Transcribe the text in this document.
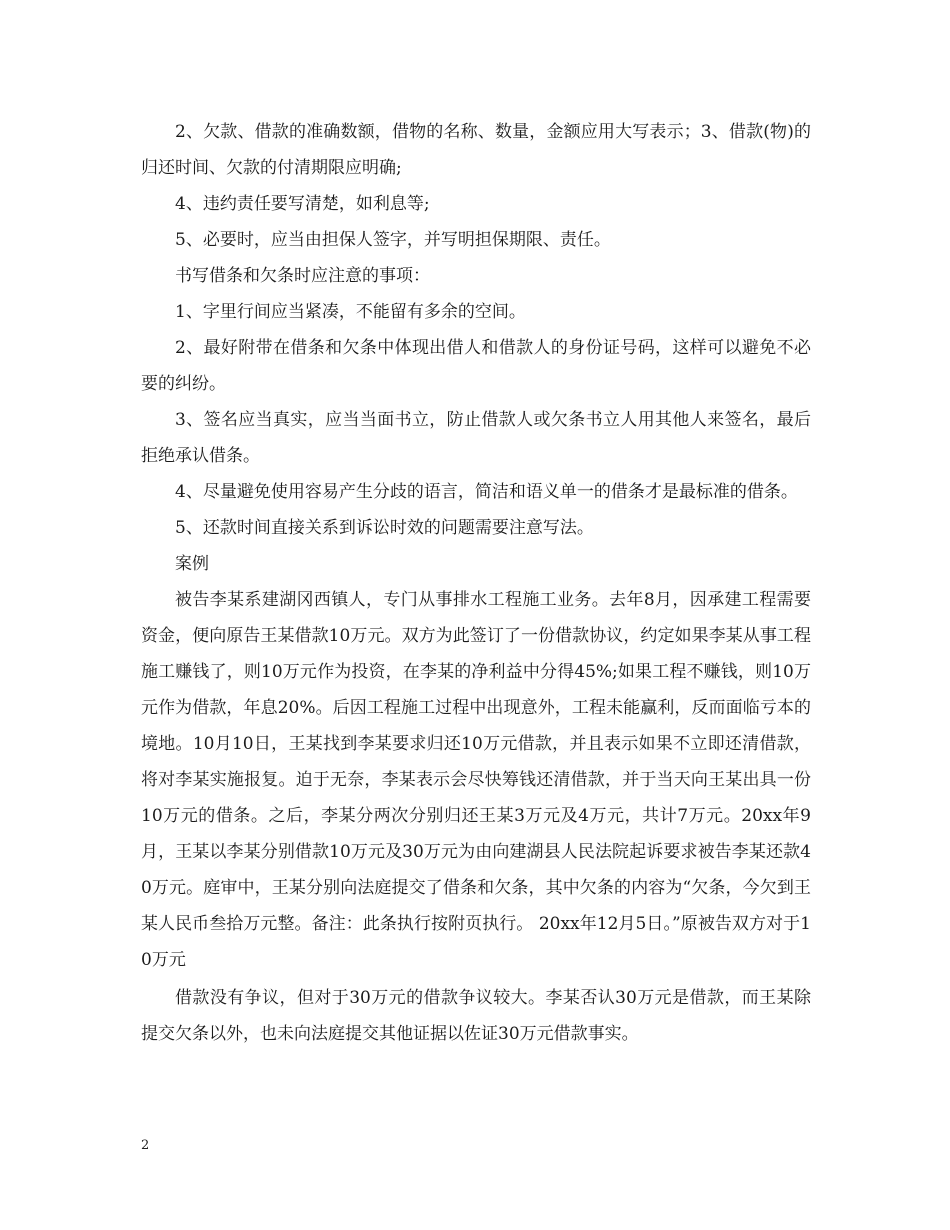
2、欠款、借款的准确数额，借物的名称、数量，金额应用大写表示；3、借款(物)的归还时间、欠款的付清期限应明确;

4、违约责任要写清楚，如利息等;

5、必要时，应当由担保人签字，并写明担保期限、责任。

书写借条和欠条时应注意的事项：

1、字里行间应当紧凑，不能留有多余的空间。

2、最好附带在借条和欠条中体现出借人和借款人的身份证号码，这样可以避免不必要的纠纷。

3、签名应当真实，应当当面书立，防止借款人或欠条书立人用其他人来签名，最后拒绝承认借条。

4、尽量避免使用容易产生分歧的语言，简洁和语义单一的借条才是最标准的借条。

5、还款时间直接关系到诉讼时效的问题需要注意写法。

案例

被告李某系建湖冈西镇人，专门从事排水工程施工业务。去年8月，因承建工程需要资金，便向原告王某借款10万元。双方为此签订了一份借款协议，约定如果李某从事工程施工赚钱了，则10万元作为投资，在李某的净利益中分得45%;如果工程不赚钱，则10万元作为借款，年息20%。后因工程施工过程中出现意外，工程未能赢利，反而面临亏本的境地。10月10日，王某找到李某要求归还10万元借款，并且表示如果不立即还清借款，将对李某实施报复。迫于无奈，李某表示会尽快筹钱还清借款，并于当天向王某出具一份10万元的借条。之后，李某分两次分别归还王某3万元及4万元，共计7万元。20xx年9月，王某以李某分别借款10万元及30万元为由向建湖县人民法院起诉要求被告李某还款40万元。庭审中，王某分别向法庭提交了借条和欠条，其中欠条的内容为“欠条，今欠到王某人民币叁拾万元整。备注：此条执行按附页执行。 20xx年12月5日。”原被告双方对于10万元

借款没有争议，但对于30万元的借款争议较大。李某否认30万元是借款，而王某除提交欠条以外，也未向法庭提交其他证据以佐证30万元借款事实。

2
